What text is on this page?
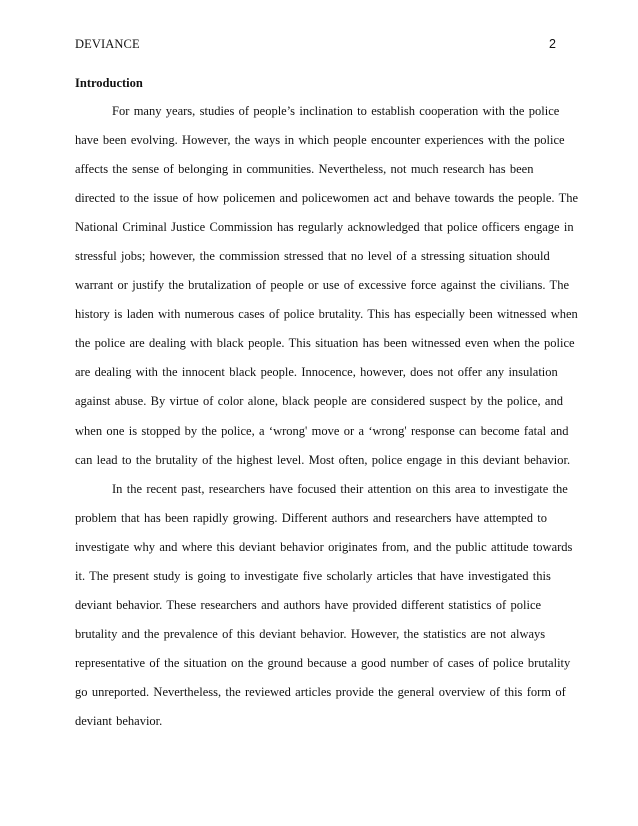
DEVIANCE	2
Introduction
For many years, studies of people’s inclination to establish cooperation with the police
have been evolving. However, the ways in which people encounter experiences with the police
affects the sense of belonging in communities. Nevertheless, not much research has been
directed to the issue of how policemen and policewomen act and behave towards the people. The
National Criminal Justice Commission has regularly acknowledged that police officers engage in
stressful jobs; however, the commission stressed that no level of a stressing situation should
warrant or justify the brutalization of people or use of excessive force against the civilians. The
history is laden with numerous cases of police brutality. This has especially been witnessed when
the police are dealing with black people. This situation has been witnessed even when the police
are dealing with the innocent black people. Innocence, however, does not offer any insulation
against abuse. By virtue of color alone, black people are considered suspect by the police, and
when one is stopped by the police, a ‘wrong' move or a ‘wrong' response can become fatal and
can lead to the brutality of the highest level. Most often, police engage in this deviant behavior.
In the recent past, researchers have focused their attention on this area to investigate the
problem that has been rapidly growing. Different authors and researchers have attempted to
investigate why and where this deviant behavior originates from, and the public attitude towards
it. The present study is going to investigate five scholarly articles that have investigated this
deviant behavior. These researchers and authors have provided different statistics of police
brutality and the prevalence of this deviant behavior. However, the statistics are not always
representative of the situation on the ground because a good number of cases of police brutality
go unreported. Nevertheless, the reviewed articles provide the general overview of this form of
deviant behavior.
